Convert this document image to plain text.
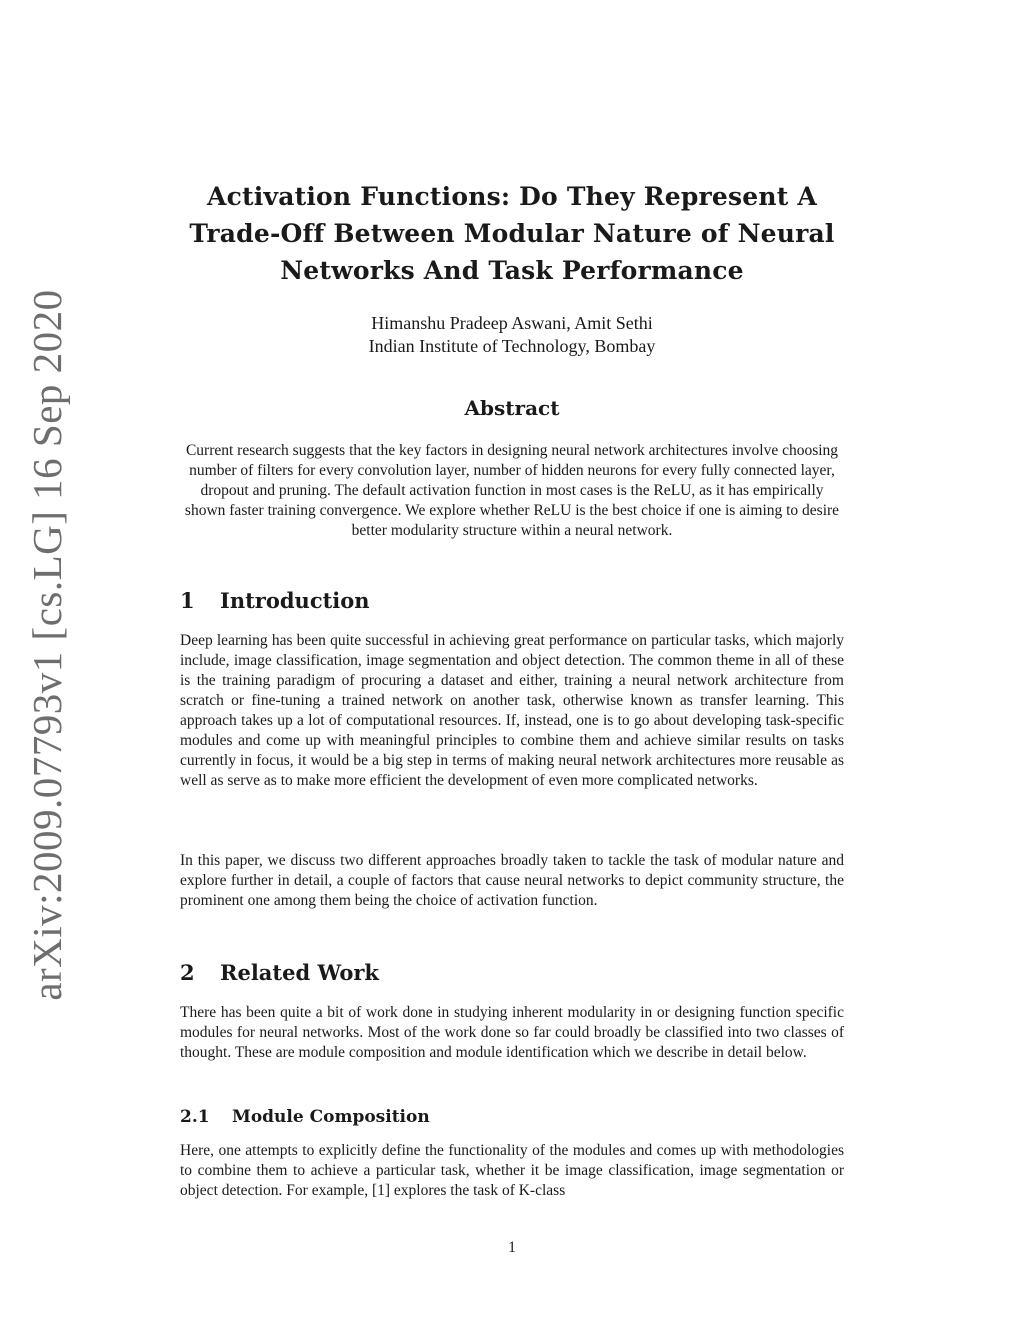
arXiv:2009.07793v1 [cs.LG] 16 Sep 2020
Activation Functions: Do They Represent A Trade-Off Between Modular Nature of Neural Networks And Task Performance
Himanshu Pradeep Aswani, Amit Sethi
Indian Institute of Technology, Bombay
Abstract

Current research suggests that the key factors in designing neural network architectures involve choosing number of filters for every convolution layer, number of hidden neurons for every fully connected layer, dropout and pruning. The default activation function in most cases is the ReLU, as it has empirically shown faster training convergence. We explore whether ReLU is the best choice if one is aiming to desire better modularity structure within a neural network.

1 Introduction

Deep learning has been quite successful in achieving great performance on particular tasks, which majorly include, image classification, image segmentation and object detection. The common theme in all of these is the training paradigm of procuring a dataset and either, training a neural network architecture from scratch or fine-tuning a trained network on another task, otherwise known as transfer learning. This approach takes up a lot of computational resources. If, instead, one is to go about developing task-specific modules and come up with meaningful principles to combine them and achieve similar results on tasks currently in focus, it would be a big step in terms of making neural network architectures more reusable as well as serve as to make more efficient the development of even more complicated networks.

In this paper, we discuss two different approaches broadly taken to tackle the task of modular nature and explore further in detail, a couple of factors that cause neural networks to depict community structure, the prominent one among them being the choice of activation function.

2 Related Work

There has been quite a bit of work done in studying inherent modularity in or designing function specific modules for neural networks. Most of the work done so far could broadly be classified into two classes of thought. These are module composition and module identification which we describe in detail below.

2.1 Module Composition

Here, one attempts to explicitly define the functionality of the modules and comes up with methodologies to combine them to achieve a particular task, whether it be image classification, image segmentation or object detection. For example, [1] explores the task of K-class

1
